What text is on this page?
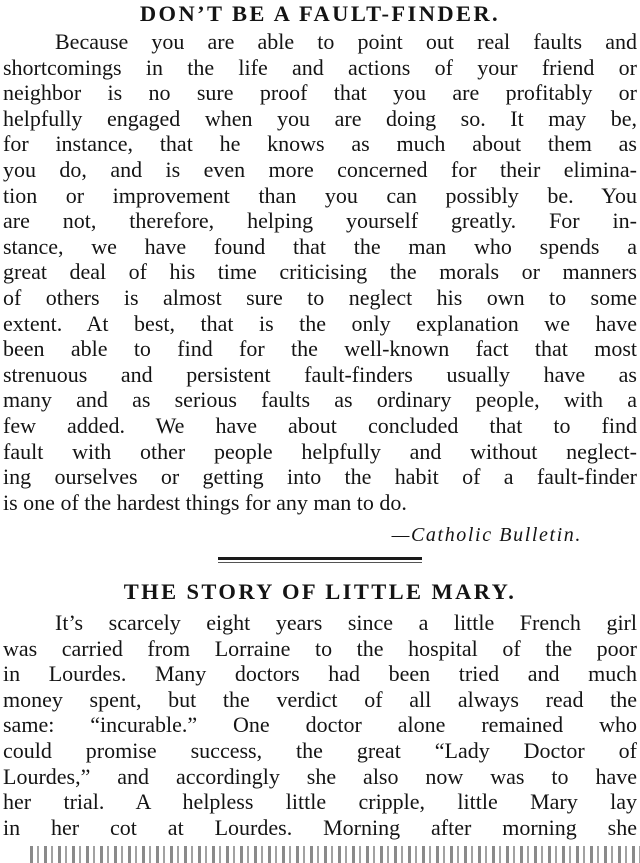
DON’T BE A FAULT-FINDER.
Because you are able to point out real faults and
shortcomings in the life and actions of your friend or
neighbor is no sure proof that you are profitably or
helpfully engaged when you are doing so. It may be,
for instance, that he knows as much about them as
you do, and is even more concerned for their elimina-
tion or improvement than you can possibly be. You
are not, therefore, helping yourself greatly. For in-
stance, we have found that the man who spends a
great deal of his time criticising the morals or manners
of others is almost sure to neglect his own to some
extent. At best, that is the only explanation we have
been able to find for the well-known fact that most
strenuous and persistent fault-finders usually have as
many and as serious faults as ordinary people, with a
few added. We have about concluded that to find
fault with other people helpfully and without neglect-
ing ourselves or getting into the habit of a fault-finder
is one of the hardest things for any man to do.
—Catholic Bulletin.
THE STORY OF LITTLE MARY.
It’s scarcely eight years since a little French girl
was carried from Lorraine to the hospital of the poor
in Lourdes. Many doctors had been tried and much
money spent, but the verdict of all always read the
same: “incurable.” One doctor alone remained who
could promise success, the great “Lady Doctor of
Lourdes,” and accordingly she also now was to have
her trial. A helpless little cripple, little Mary lay
in her cot at Lourdes. Morning after morning she
